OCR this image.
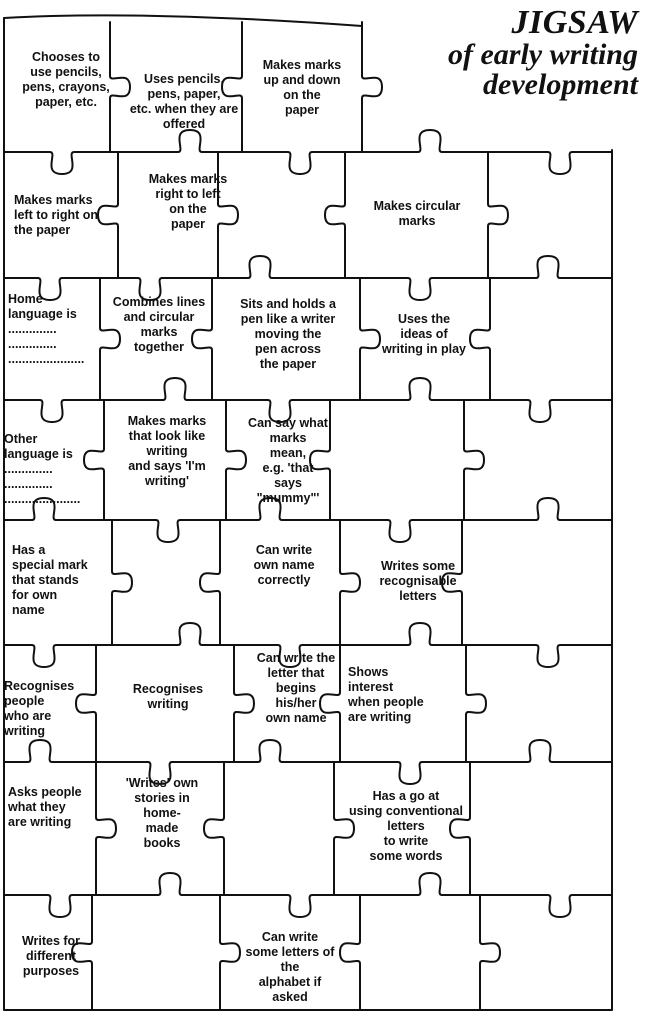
JIGSAW
of early writing
development
Chooses to
use pencils,
pens, crayons,
paper, etc.
Uses pencils,
pens, paper,
etc. when they are
offered
Makes marks
up and down
on the
paper
Makes marks
left to right on
the paper
Makes marks
right to left
on the
paper
Makes circular
marks
Home
language is
..............
..............
......................
Combines lines
and circular
marks
together
Sits and holds a
pen like a writer
moving the
pen across
the paper
Uses the
ideas of
writing in play
Other
language is
..............
..............
......................
Makes marks
that look like
writing
and says 'I'm
writing'
Can say what
marks
mean,
e.g. 'that
says
"mummy"'
Has a
special mark
that stands
for own
name
Can write
own name
correctly
Writes some
recognisable
letters
Recognises
people
who are
writing
Recognises
writing
Can write the
letter that
begins
his/her
own name
Shows
interest
when people
are writing
Asks people
what they
are writing
'Writes' own
stories in
home-
made
books
Has a go at
using conventional
letters
to write
some words
Writes for
different
purposes
Can write
some letters of
the
alphabet if
asked
